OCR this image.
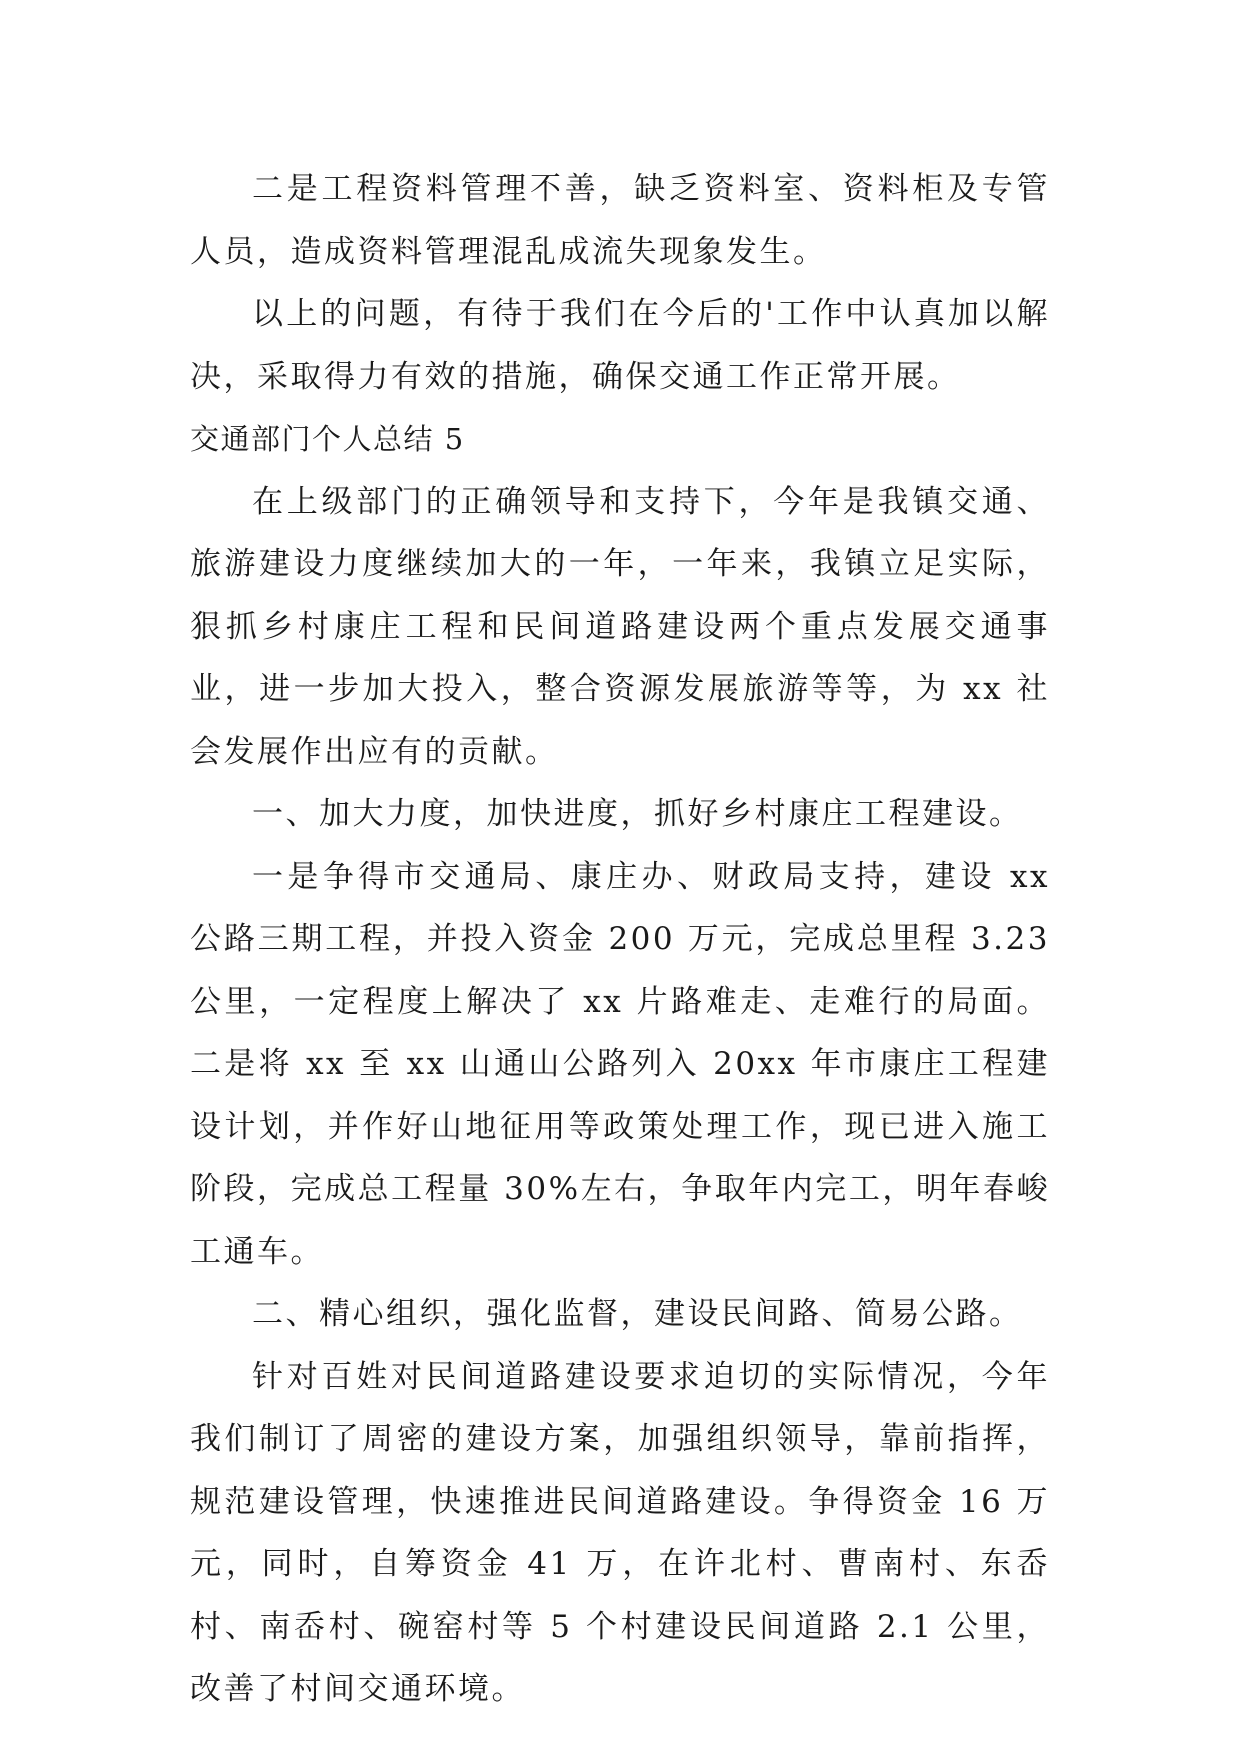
二是工程资料管理不善，缺乏资料室、资料柜及专管人员，造成资料管理混乱成流失现象发生。

以上的问题，有待于我们在今后的'工作中认真加以解决，采取得力有效的措施，确保交通工作正常开展。

交通部门个人总结 5

在上级部门的正确领导和支持下，今年是我镇交通、旅游建设力度继续加大的一年，一年来，我镇立足实际，狠抓乡村康庄工程和民间道路建设两个重点发展交通事业，进一步加大投入，整合资源发展旅游等等，为 xx 社会发展作出应有的贡献。

一、加大力度，加快进度，抓好乡村康庄工程建设。

一是争得市交通局、康庄办、财政局支持，建设 xx 公路三期工程，并投入资金 200 万元，完成总里程 3.23 公里，一定程度上解决了 xx 片路难走、走难行的局面。二是将 xx 至 xx 山通山公路列入 20xx 年市康庄工程建设计划，并作好山地征用等政策处理工作，现已进入施工阶段，完成总工程量 30%左右，争取年内完工，明年春峻工通车。

二、精心组织，强化监督，建设民间路、简易公路。

针对百姓对民间道路建设要求迫切的实际情况，今年我们制订了周密的建设方案，加强组织领导，靠前指挥，规范建设管理，快速推进民间道路建设。争得资金 16 万元，同时，自筹资金 41 万，在许北村、曹南村、东岙村、南岙村、碗窑村等 5 个村建设民间道路 2.1 公里，改善了村间交通环境。
